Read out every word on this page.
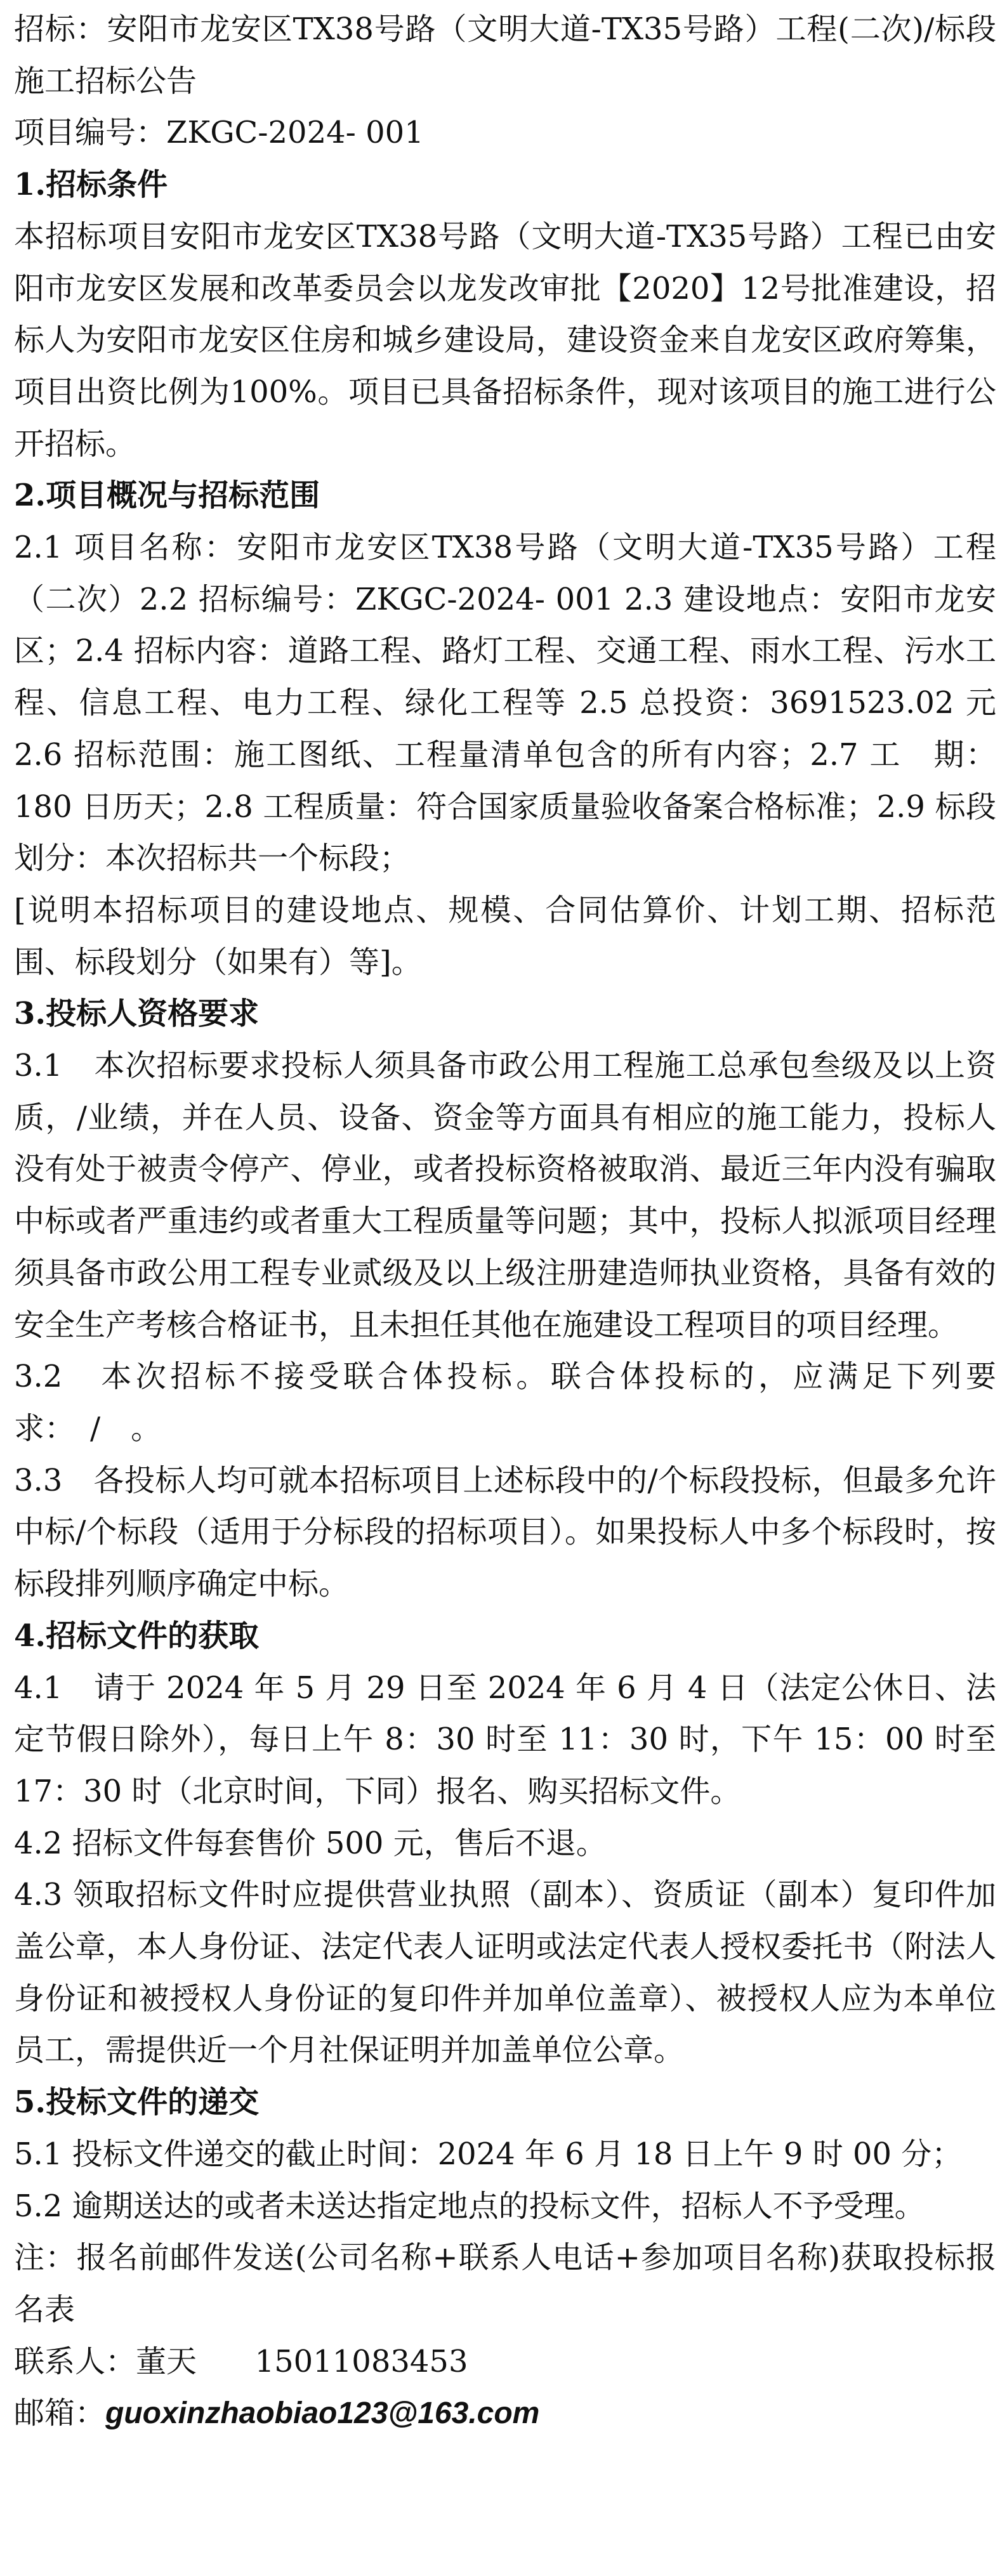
招标：安阳市龙安区TX38号路（文明大道-TX35号路）工程(二次)/标段施工招标公告

项目编号：ZKGC-2024- 001

1.招标条件

本招标项目安阳市龙安区TX38号路（文明大道-TX35号路）工程已由安阳市龙安区发展和改革委员会以龙发改审批【2020】12号批准建设，招标人为安阳市龙安区住房和城乡建设局，建设资金来自龙安区政府筹集，项目出资比例为100%。项目已具备招标条件，现对该项目的施工进行公开招标。

2.项目概况与招标范围

2.1 项目名称：安阳市龙安区TX38号路（文明大道-TX35号路）工程（二次）2.2 招标编号：ZKGC-2024- 001 2.3 建设地点：安阳市龙安区；2.4 招标内容：道路工程、路灯工程、交通工程、雨水工程、污水工程、信息工程、电力工程、绿化工程等 2.5 总投资：3691523.02 元 2.6 招标范围：施工图纸、工程量清单包含的所有内容；2.7 工　期：180 日历天；2.8 工程质量：符合国家质量验收备案合格标准；2.9 标段划分：本次招标共一个标段；

[说明本招标项目的建设地点、规模、合同估算价、计划工期、招标范围、标段划分（如果有）等]。

3.投标人资格要求

3.1　本次招标要求投标人须具备市政公用工程施工总承包叁级及以上资质，/业绩，并在人员、设备、资金等方面具有相应的施工能力，投标人没有处于被责令停产、停业，或者投标资格被取消、最近三年内没有骗取中标或者严重违约或者重大工程质量等问题；其中，投标人拟派项目经理须具备市政公用工程专业贰级及以上级注册建造师执业资格，具备有效的安全生产考核合格证书，且未担任其他在施建设工程项目的项目经理。

3.2　本次招标不接受联合体投标。联合体投标的，应满足下列要求：　/　。

3.3　各投标人均可就本招标项目上述标段中的/个标段投标，但最多允许中标/个标段（适用于分标段的招标项目）。如果投标人中多个标段时，按标段排列顺序确定中标。

4.招标文件的获取

4.1　请于 2024 年 5 月 29 日至 2024 年 6 月 4 日（法定公休日、法定节假日除外），每日上午 8：30 时至 11：30 时，下午 15：00 时至 17：30 时（北京时间，下同）报名、购买招标文件。

4.2 招标文件每套售价 500 元，售后不退。

4.3 领取招标文件时应提供营业执照（副本）、资质证（副本）复印件加盖公章，本人身份证、法定代表人证明或法定代表人授权委托书（附法人身份证和被授权人身份证的复印件并加单位盖章）、被授权人应为本单位员工，需提供近一个月社保证明并加盖单位公章。

5.投标文件的递交

5.1 投标文件递交的截止时间：2024 年 6 月 18 日上午 9 时 00 分；

5.2 逾期送达的或者未送达指定地点的投标文件，招标人不予受理。

注：报名前邮件发送(公司名称+联系人电话+参加项目名称)获取投标报名表

联系人：董天 15011083453

邮箱：guoxinzhaobiao123@163.com
